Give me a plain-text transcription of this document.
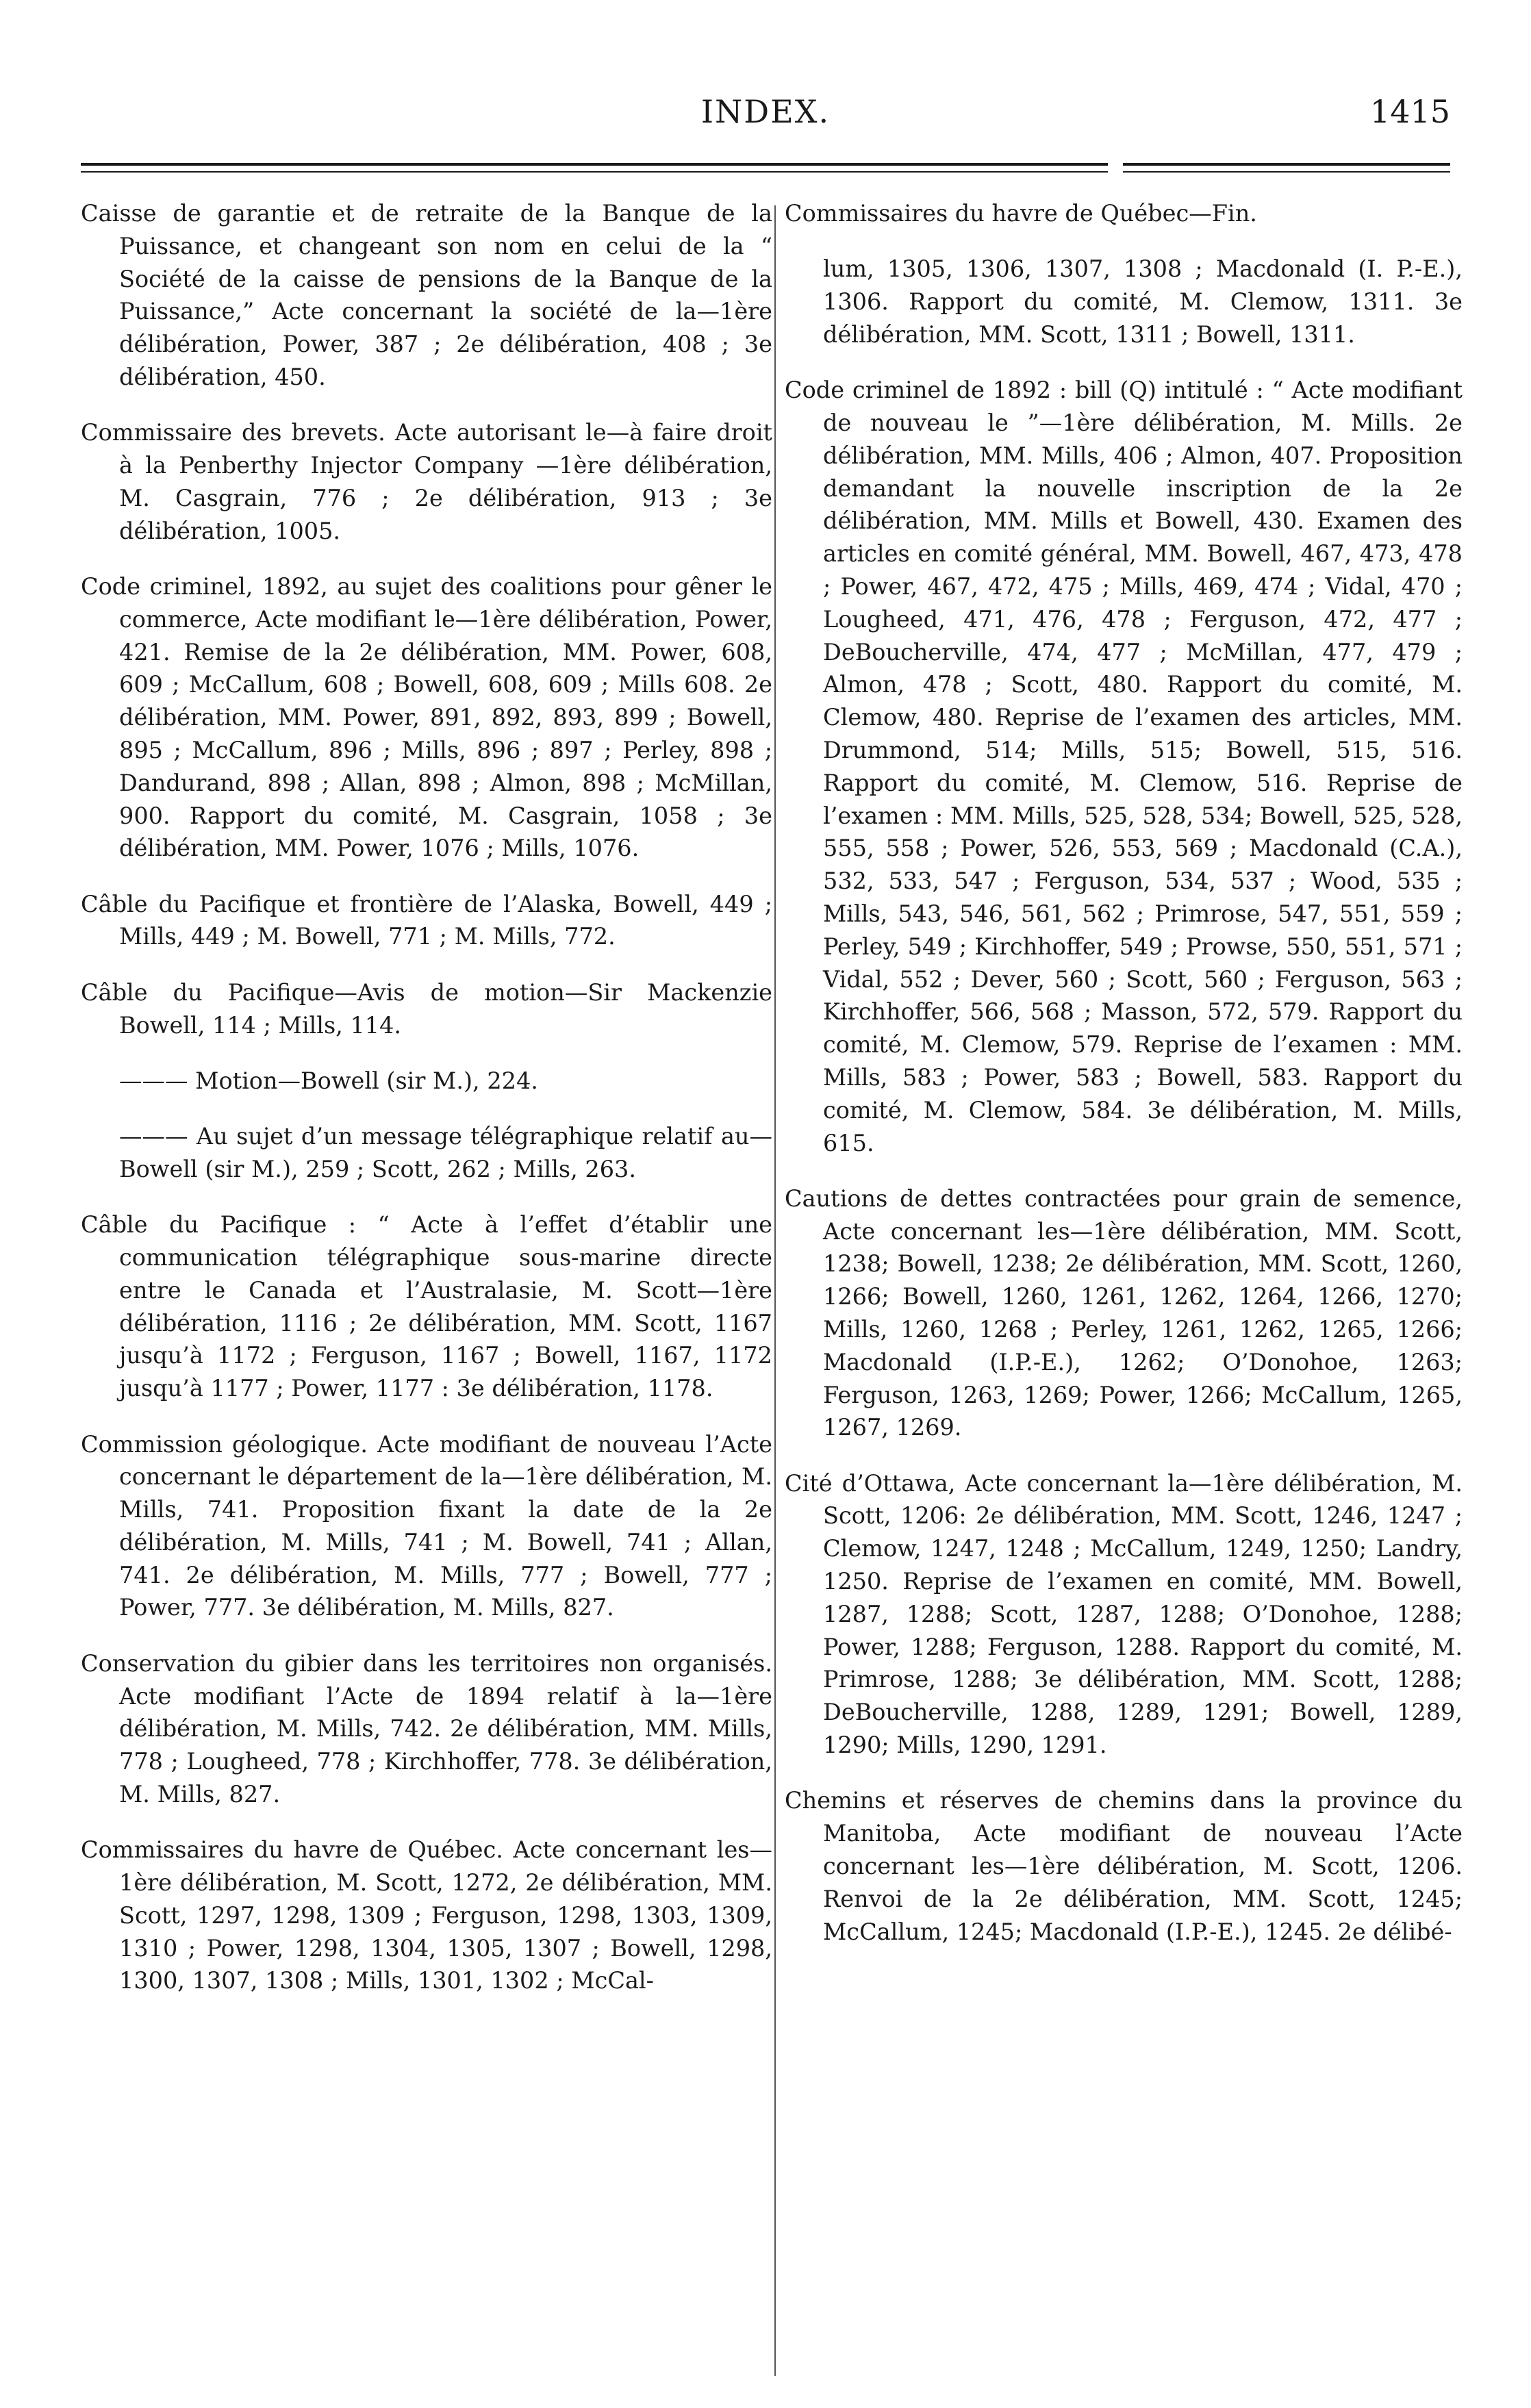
INDEX.	1415

Caisse de garantie et de retraite de la Banque de la Puissance, et changeant son nom en celui de la “ Société de la caisse de pensions de la Banque de la Puissance,” Acte concernant la société de la—1ère délibération, Power, 387 ; 2e délibération, 408 ; 3e délibération, 450.

Commissaire des brevets. Acte autorisant le—à faire droit à la Penberthy Injector Company —1ère délibération, M. Casgrain, 776 ; 2e délibération, 913 ; 3e délibération, 1005.

Code criminel, 1892, au sujet des coalitions pour gêner le commerce, Acte modifiant le—1ère délibération, Power, 421. Remise de la 2e délibération, MM. Power, 608, 609 ; McCallum, 608 ; Bowell, 608, 609 ; Mills 608. 2e délibération, MM. Power, 891, 892, 893, 899 ; Bowell, 895 ; McCallum, 896 ; Mills, 896 ; 897 ; Perley, 898 ; Dandurand, 898 ; Allan, 898 ; Almon, 898 ; McMillan, 900. Rapport du comité, M. Casgrain, 1058 ; 3e délibération, MM. Power, 1076 ; Mills, 1076.

Câble du Pacifique et frontière de l’Alaska, Bowell, 449 ; Mills, 449 ; M. Bowell, 771 ; M. Mills, 772.

Câble du Pacifique—Avis de motion—Sir Mackenzie Bowell, 114 ; Mills, 114.

——— Motion—Bowell (sir M.), 224.

——— Au sujet d’un message télégraphique relatif au—Bowell (sir M.), 259 ; Scott, 262 ; Mills, 263.

Câble du Pacifique : “ Acte à l’effet d’établir une communication télégraphique sous-marine directe entre le Canada et l’Australasie, M. Scott—1ère délibération, 1116 ; 2e délibération, MM. Scott, 1167 jusqu’à 1172 ; Ferguson, 1167 ; Bowell, 1167, 1172 jusqu’à 1177 ; Power, 1177 : 3e délibération, 1178.

Commission géologique. Acte modifiant de nouveau l’Acte concernant le département de la—1ère délibération, M. Mills, 741. Proposition fixant la date de la 2e délibération, M. Mills, 741 ; M. Bowell, 741 ; Allan, 741. 2e délibération, M. Mills, 777 ; Bowell, 777 ; Power, 777. 3e délibération, M. Mills, 827.

Conservation du gibier dans les territoires non organisés. Acte modifiant l’Acte de 1894 relatif à la—1ère délibération, M. Mills, 742. 2e délibération, MM. Mills, 778 ; Lougheed, 778 ; Kirchhoffer, 778. 3e délibération, M. Mills, 827.

Commissaires du havre de Québec. Acte concernant les—1ère délibération, M. Scott, 1272, 2e délibération, MM. Scott, 1297, 1298, 1309 ; Ferguson, 1298, 1303, 1309, 1310 ; Power, 1298, 1304, 1305, 1307 ; Bowell, 1298, 1300, 1307, 1308 ; Mills, 1301, 1302 ; McCal-

Commissaires du havre de Québec—Fin.

lum, 1305, 1306, 1307, 1308 ; Macdonald (I. P.-E.), 1306. Rapport du comité, M. Clemow, 1311. 3e délibération, MM. Scott, 1311 ; Bowell, 1311.

Code criminel de 1892 : bill (Q) intitulé : “ Acte modifiant de nouveau le ”—1ère délibération, M. Mills. 2e délibération, MM. Mills, 406 ; Almon, 407. Proposition demandant la nouvelle inscription de la 2e délibération, MM. Mills et Bowell, 430. Examen des articles en comité général, MM. Bowell, 467, 473, 478 ; Power, 467, 472, 475 ; Mills, 469, 474 ; Vidal, 470 ; Lougheed, 471, 476, 478 ; Ferguson, 472, 477 ; DeBoucherville, 474, 477 ; McMillan, 477, 479 ; Almon, 478 ; Scott, 480. Rapport du comité, M. Clemow, 480. Reprise de l’examen des articles, MM. Drummond, 514; Mills, 515; Bowell, 515, 516. Rapport du comité, M. Clemow, 516. Reprise de l’examen : MM. Mills, 525, 528, 534; Bowell, 525, 528, 555, 558 ; Power, 526, 553, 569 ; Macdonald (C.A.), 532, 533, 547 ; Ferguson, 534, 537 ; Wood, 535 ; Mills, 543, 546, 561, 562 ; Primrose, 547, 551, 559 ; Perley, 549 ; Kirchhoffer, 549 ; Prowse, 550, 551, 571 ; Vidal, 552 ; Dever, 560 ; Scott, 560 ; Ferguson, 563 ; Kirchhoffer, 566, 568 ; Masson, 572, 579. Rapport du comité, M. Clemow, 579. Reprise de l’examen : MM. Mills, 583 ; Power, 583 ; Bowell, 583. Rapport du comité, M. Clemow, 584. 3e délibération, M. Mills, 615.

Cautions de dettes contractées pour grain de semence, Acte concernant les—1ère délibération, MM. Scott, 1238; Bowell, 1238; 2e délibération, MM. Scott, 1260, 1266; Bowell, 1260, 1261, 1262, 1264, 1266, 1270; Mills, 1260, 1268 ; Perley, 1261, 1262, 1265, 1266; Macdonald (I.P.-E.), 1262; O’Donohoe, 1263; Ferguson, 1263, 1269; Power, 1266; McCallum, 1265, 1267, 1269.

Cité d’Ottawa, Acte concernant la—1ère délibération, M. Scott, 1206: 2e délibération, MM. Scott, 1246, 1247 ; Clemow, 1247, 1248 ; McCallum, 1249, 1250; Landry, 1250. Reprise de l’examen en comité, MM. Bowell, 1287, 1288; Scott, 1287, 1288; O’Donohoe, 1288; Power, 1288; Ferguson, 1288. Rapport du comité, M. Primrose, 1288; 3e délibération, MM. Scott, 1288; DeBoucherville, 1288, 1289, 1291; Bowell, 1289, 1290; Mills, 1290, 1291.

Chemins et réserves de chemins dans la province du Manitoba, Acte modifiant de nouveau l’Acte concernant les—1ère délibération, M. Scott, 1206. Renvoi de la 2e délibération, MM. Scott, 1245; McCallum, 1245; Macdonald (I.P.-E.), 1245. 2e délibé-
